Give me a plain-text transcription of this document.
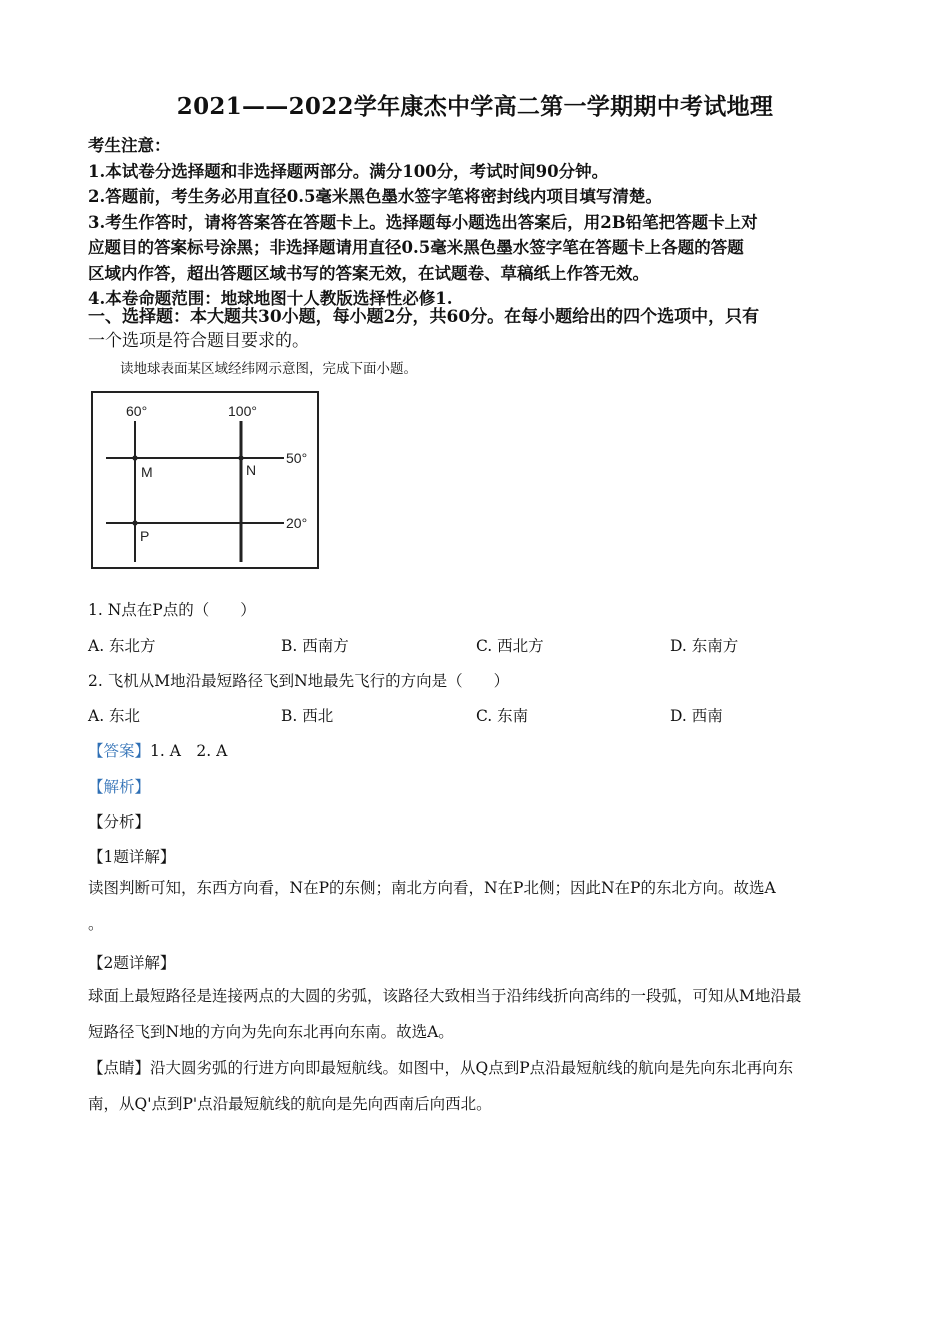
2021——2022学年康杰中学高二第一学期期中考试地理
考生注意：
1.本试卷分选择题和非选择题两部分。满分100分，考试时间90分钟。
2.答题前，考生务必用直径0.5毫米黑色墨水签字笔将密封线内项目填写清楚。
3.考生作答时，请将答案答在答题卡上。选择题每小题选出答案后，用2B铅笔把答题卡上对
应题目的答案标号涂黑；非选择题请用直径0.5毫米黑色墨水签字笔在答题卡上各题的答题
区域内作答，超出答题区域书写的答案无效，在试题卷、草稿纸上作答无效。
4.本卷命题范围：地球地图十人教版选择性必修1.
一、选择题：本大题共30小题，每小题2分，共60分。在每小题给出的四个选项中，只有
一个选项是符合题目要求的。
读地球表面某区域经纬网示意图，完成下面小题。
60°	100°
50°
20°
M	N
P
1. N点在P点的（　　）
A. 东北方	B. 西南方	C. 西北方	D. 东南方
2. 飞机从M地沿最短路径飞到N地最先飞行的方向是（　　）
A. 东北	B. 西北	C. 东南	D. 西南
【答案】1. A　2. A
【解析】
【分析】
【1题详解】
读图判断可知，东西方向看，N在P的东侧；南北方向看，N在P北侧；因此N在P的东北方向。故选A
。
【2题详解】
球面上最短路径是连接两点的大圆的劣弧，该路径大致相当于沿纬线折向高纬的一段弧，可知从M地沿最
短路径飞到N地的方向为先向东北再向东南。故选A。
【点睛】沿大圆劣弧的行进方向即最短航线。如图中，从Q点到P点沿最短航线的航向是先向东北再向东
南，从Q'点到P'点沿最短航线的航向是先向西南后向西北。
